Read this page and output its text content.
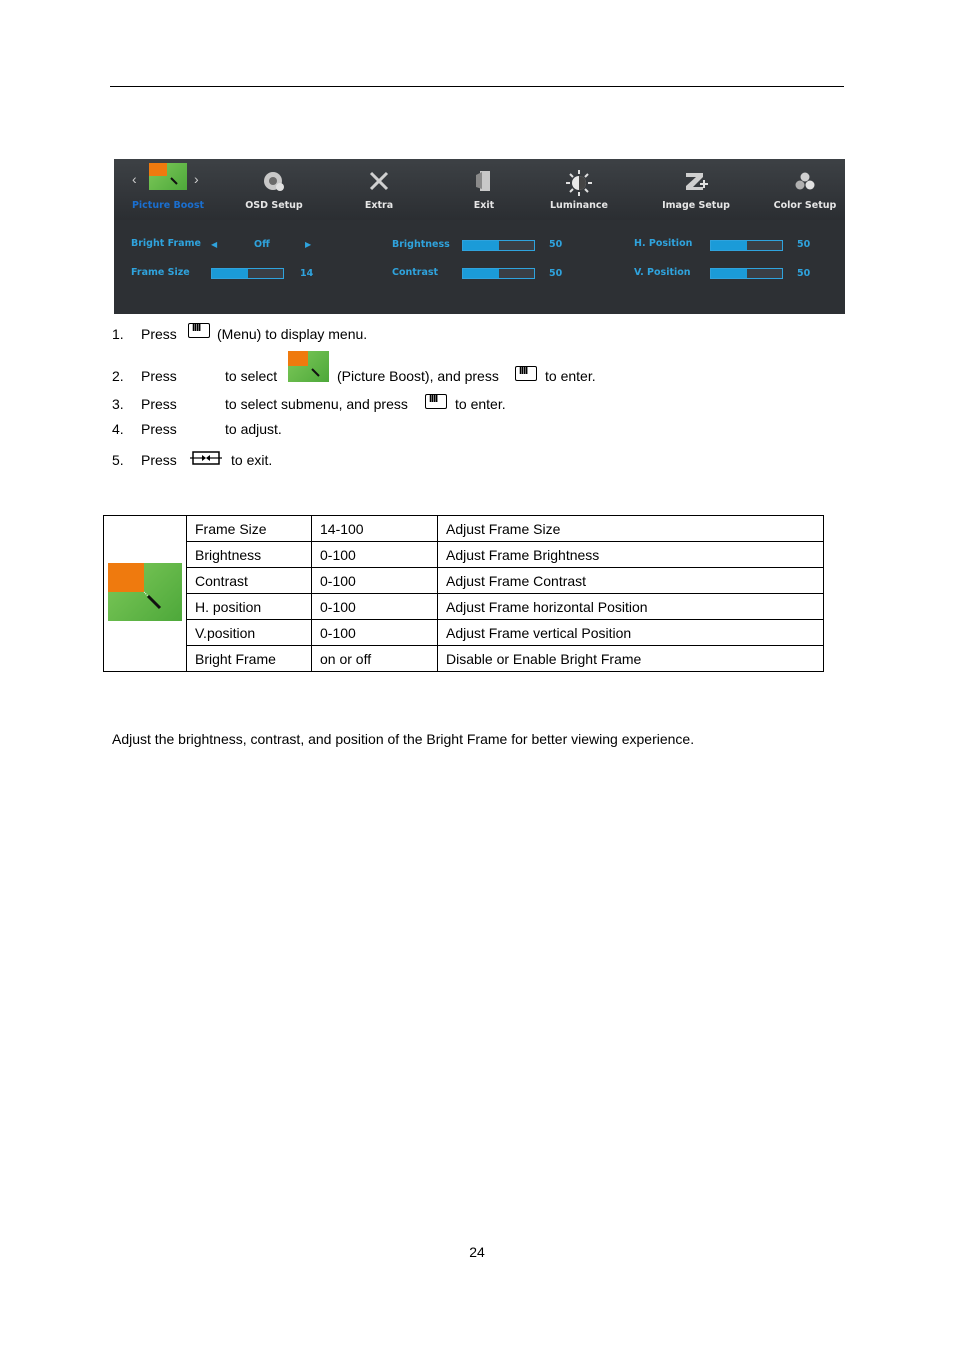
‹	›
Picture Boost	OSD Setup	Extra	Exit	Luminance	Image Setup	Color Setup
Bright Frame ◀	Off	▶
Frame Size	14
Brightness	50
Contrast	50
H. Position	50
V. Position	50
1. Press IIII	(Menu) to display menu.
2. Press	to select	(Picture Boost), and press IIII	to enter.
3. Press	to select submenu, and press IIII	to enter.
4. Press	to adjust.
5. Press	to exit.
	Frame Size	14-100	Adjust Frame Size
	Brightness	0-100	Adjust Frame Brightness
	Contrast	0-100	Adjust Frame Contrast
	H. position	0-100	Adjust Frame horizontal Position
	V.position	0-100	Adjust Frame vertical Position
	Bright Frame	on or off	Disable or Enable Bright Frame
Adjust the brightness, contrast, and position of the Bright Frame for better viewing experience.
24
